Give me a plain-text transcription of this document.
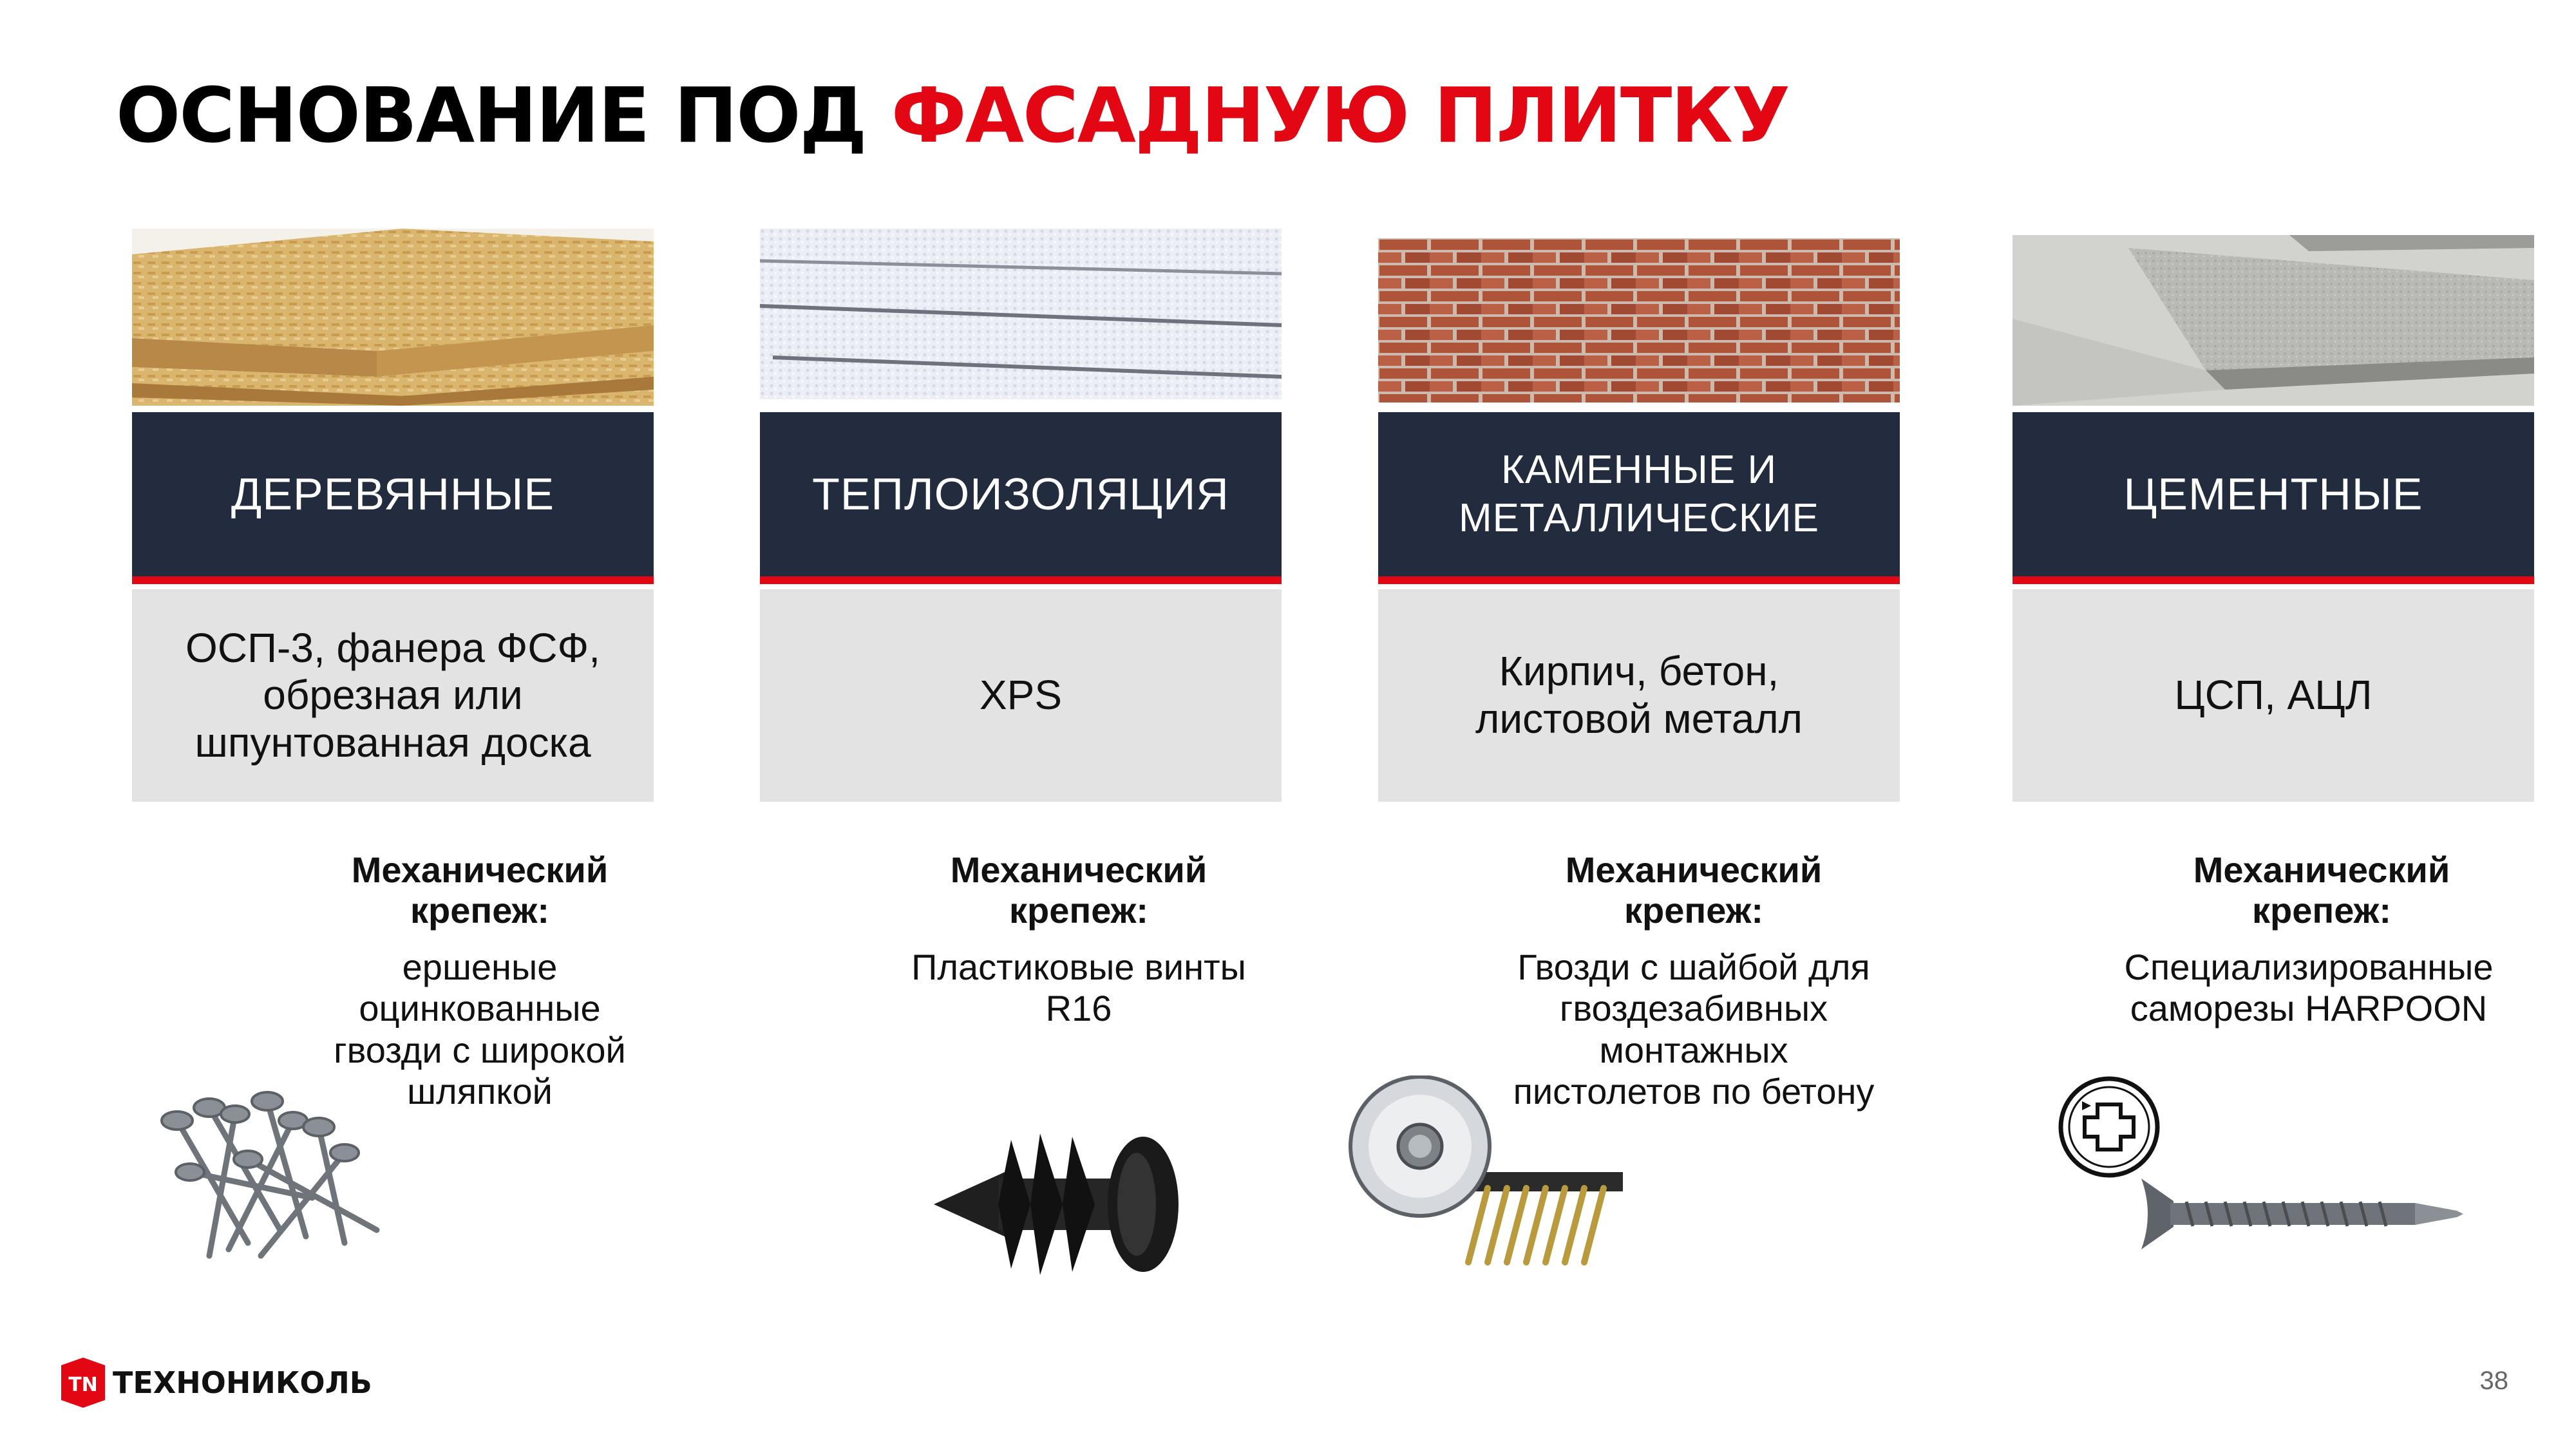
ОСНОВАНИЕ ПОД ФАСАДНУЮ ПЛИТКУ
ДЕРЕВЯННЫЕ
ОСП-3, фанера ФСФ,
обрезная или
шпунтованная доска
Механический
крепеж:
ершеные
оцинкованные
гвозди с широкой
шляпкой
ТЕПЛОИЗОЛЯЦИЯ
XPS
Механический
крепеж:
Пластиковые винты
R16
КАМЕННЫЕ И
МЕТАЛЛИЧЕСКИЕ
Кирпич, бетон,
листовой металл
Механический
крепеж:
Гвозди с шайбой для
гвоздезабивных
монтажных
пистолетов по бетону
ЦЕМЕНТНЫЕ
ЦСП, АЦЛ
Механический
крепеж:
Специализированные
саморезы HARPOON
TN ТЕХНОНИКОЛЬ	38
